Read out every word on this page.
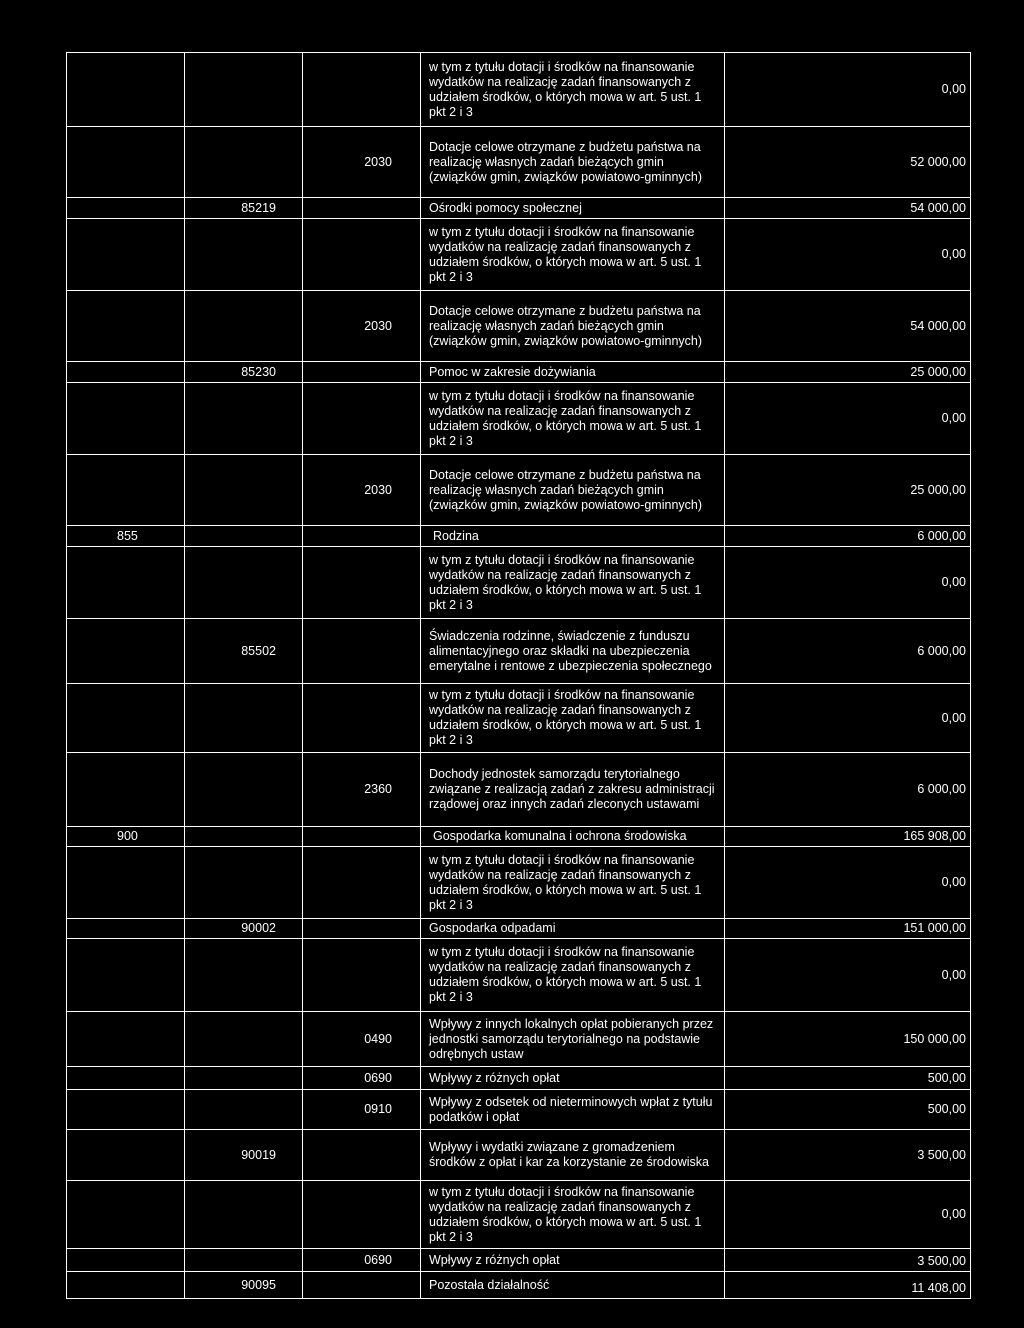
			w tym z tytułu dotacji i środków na finansowanie wydatków na realizację zadań finansowanych z udziałem środków, o których mowa w art. 5 ust. 1 pkt 2 i 3	0,00
		2030	Dotacje celowe otrzymane z budżetu państwa na realizację własnych zadań bieżących gmin (związków gmin, związków powiatowo-gminnych)	52 000,00
	85219		Ośrodki pomocy społecznej	54 000,00
			w tym z tytułu dotacji i środków na finansowanie wydatków na realizację zadań finansowanych z udziałem środków, o których mowa w art. 5 ust. 1 pkt 2 i 3	0,00
		2030	Dotacje celowe otrzymane z budżetu państwa na realizację własnych zadań bieżących gmin (związków gmin, związków powiatowo-gminnych)	54 000,00
	85230		Pomoc w zakresie dożywiania	25 000,00
			w tym z tytułu dotacji i środków na finansowanie wydatków na realizację zadań finansowanych z udziałem środków, o których mowa w art. 5 ust. 1 pkt 2 i 3	0,00
		2030	Dotacje celowe otrzymane z budżetu państwa na realizację własnych zadań bieżących gmin (związków gmin, związków powiatowo-gminnych)	25 000,00
855			Rodzina	6 000,00
			w tym z tytułu dotacji i środków na finansowanie wydatków na realizację zadań finansowanych z udziałem środków, o których mowa w art. 5 ust. 1 pkt 2 i 3	0,00
	85502		Świadczenia rodzinne, świadczenie z funduszu alimentacyjnego oraz składki na ubezpieczenia emerytalne i rentowe z ubezpieczenia społecznego	6 000,00
			w tym z tytułu dotacji i środków na finansowanie wydatków na realizację zadań finansowanych z udziałem środków, o których mowa w art. 5 ust. 1 pkt 2 i 3	0,00
		2360	Dochody jednostek samorządu terytorialnego związane z realizacją zadań z zakresu administracji rządowej oraz innych zadań zleconych ustawami	6 000,00
900			Gospodarka komunalna i ochrona środowiska	165 908,00
			w tym z tytułu dotacji i środków na finansowanie wydatków na realizację zadań finansowanych z udziałem środków, o których mowa w art. 5 ust. 1 pkt 2 i 3	0,00
	90002		Gospodarka odpadami	151 000,00
			w tym z tytułu dotacji i środków na finansowanie wydatków na realizację zadań finansowanych z udziałem środków, o których mowa w art. 5 ust. 1 pkt 2 i 3	0,00
		0490	Wpływy z innych lokalnych opłat pobieranych przez jednostki samorządu terytorialnego na podstawie odrębnych ustaw	150 000,00
		0690	Wpływy z różnych opłat	500,00
		0910	Wpływy z odsetek od nieterminowych wpłat z tytułu podatków i opłat	500,00
	90019		Wpływy i wydatki związane z gromadzeniem środków z opłat i kar za korzystanie ze środowiska	3 500,00
			w tym z tytułu dotacji i środków na finansowanie wydatków na realizację zadań finansowanych z udziałem środków, o których mowa w art. 5 ust. 1 pkt 2 i 3	0,00
		0690	Wpływy z różnych opłat	3 500,00
	90095		Pozostała działalność	11 408,00
